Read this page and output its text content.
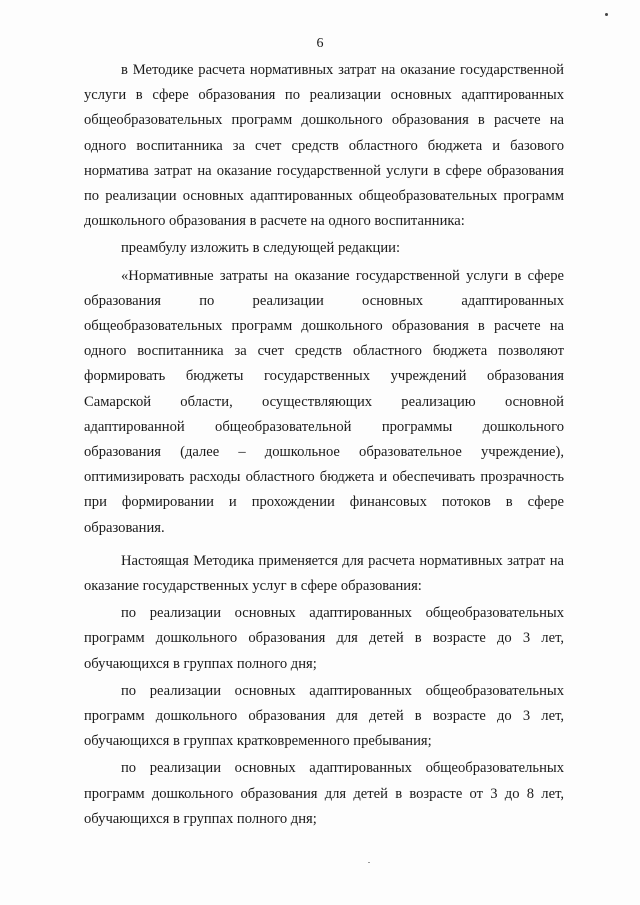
6

в Методике расчета нормативных затрат на оказание государственной услуги в сфере образования по реализации основных адаптированных общеобразовательных программ дошкольного образования в расчете на одного воспитанника за счет средств областного бюджета и базового норматива затрат на оказание государственной услуги в сфере образования по реализации основных адаптированных общеобразовательных программ дошкольного образования в расчете на одного воспитанника:

преамбулу изложить в следующей редакции:

«Нормативные затраты на оказание государственной услуги в сфере образования по реализации основных адаптированных общеобразовательных программ дошкольного образования в расчете на одного воспитанника за счет средств областного бюджета позволяют формировать бюджеты государственных учреждений образования Самарской области, осуществляющих реализацию основной адаптированной общеобразовательной программы дошкольного образования (далее – дошкольное образовательное учреждение), оптимизировать расходы областного бюджета и обеспечивать прозрачность при формировании и прохождении финансовых потоков в сфере образования.

Настоящая Методика применяется для расчета нормативных затрат на оказание государственных услуг в сфере образования:

по реализации основных адаптированных общеобразовательных программ дошкольного образования для детей в возрасте до 3 лет, обучающихся в группах полного дня;

по реализации основных адаптированных общеобразовательных программ дошкольного образования для детей в возрасте до 3 лет, обучающихся в группах кратковременного пребывания;

по реализации основных адаптированных общеобразовательных программ дошкольного образования для детей в возрасте от 3 до 8 лет, обучающихся в группах полного дня;
